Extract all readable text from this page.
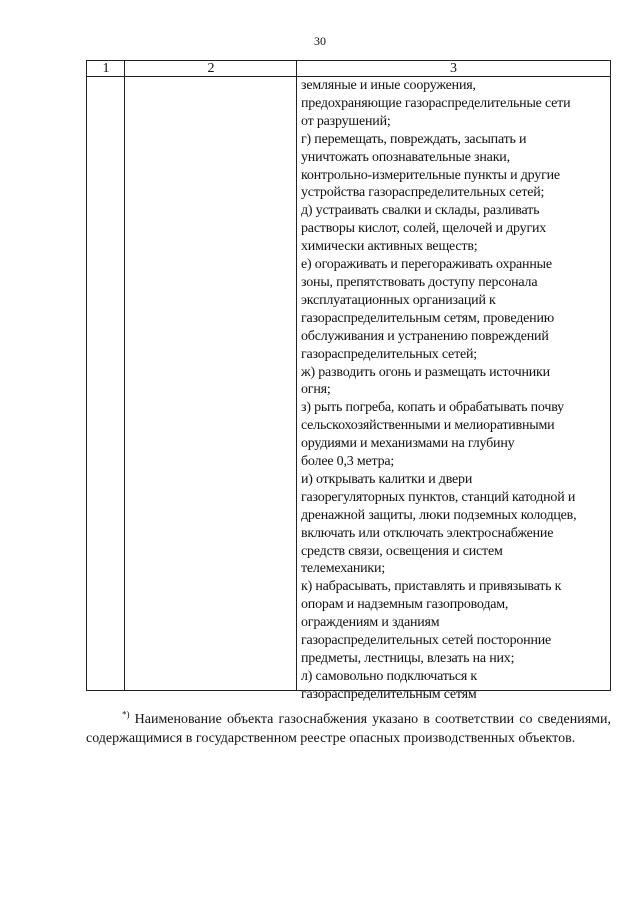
30
1	2	3
земляные и иные сооружения,
предохраняющие газораспределительные сети
от разрушений;
г) перемещать, повреждать, засыпать и
уничтожать опознавательные знаки,
контрольно-измерительные пункты и другие
устройства газораспределительных сетей;
д) устраивать свалки и склады, разливать
растворы кислот, солей, щелочей и других
химически активных веществ;
е) огораживать и перегораживать охранные
зоны, препятствовать доступу персонала
эксплуатационных организаций к
газораспределительным сетям, проведению
обслуживания и устранению повреждений
газораспределительных сетей;
ж) разводить огонь и размещать источники
огня;
з) рыть погреба, копать и обрабатывать почву
сельскохозяйственными и мелиоративными
орудиями и механизмами на глубину
более 0,3 метра;
и) открывать калитки и двери
газорегуляторных пунктов, станций катодной и
дренажной защиты, люки подземных колодцев,
включать или отключать электроснабжение
средств связи, освещения и систем
телемеханики;
к) набрасывать, приставлять и привязывать к
опорам и надземным газопроводам,
ограждениям и зданиям
газораспределительных сетей посторонние
предметы, лестницы, влезать на них;
л) самовольно подключаться к
газораспределительным сетям

*) Наименование объекта газоснабжения указано в соответствии со сведениями, содержащимися в государственном реестре опасных производственных объектов.
